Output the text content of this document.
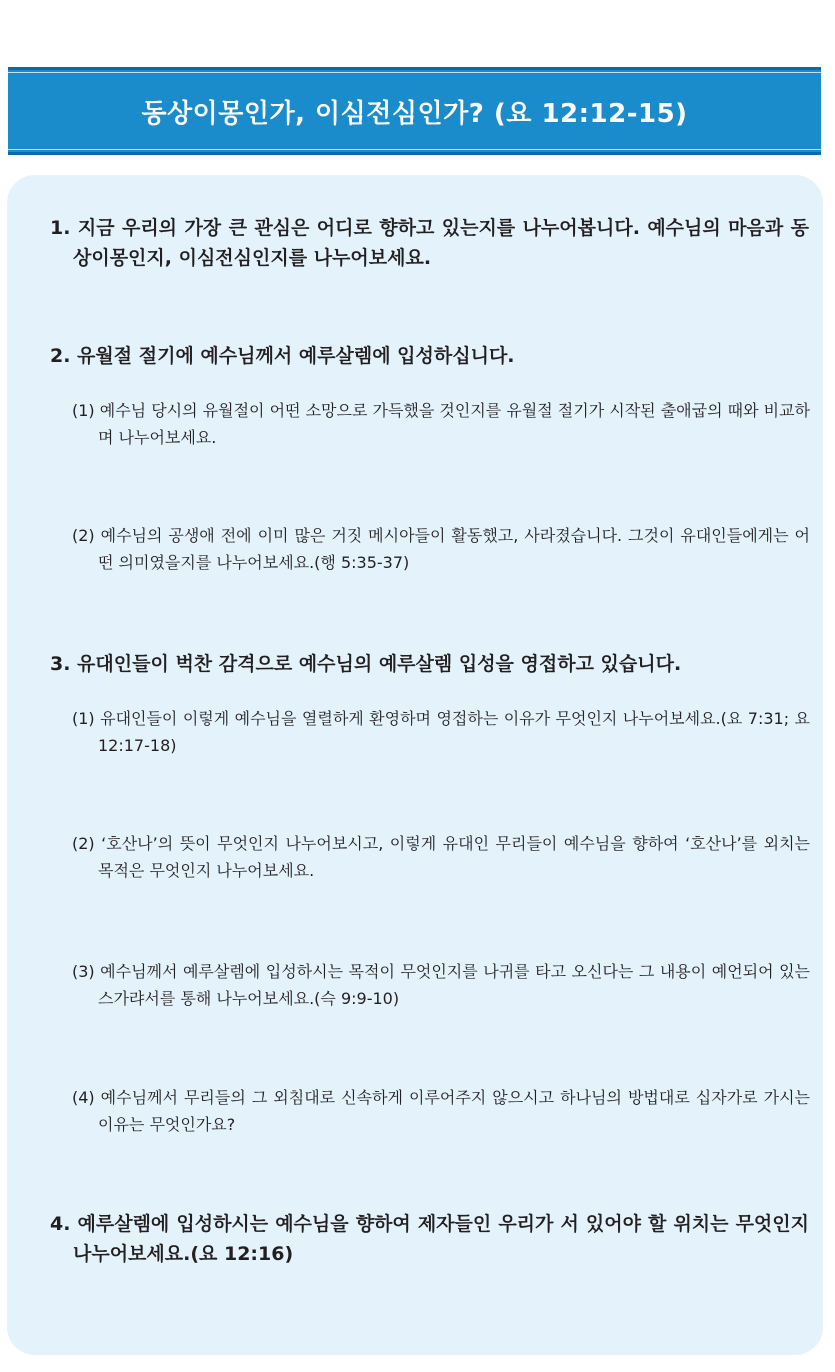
동상이몽인가, 이심전심인가? (요 12:12-15)
1. 지금 우리의 가장 큰 관심은 어디로 향하고 있는지를 나누어봅니다. 예수님의 마음과 동상이몽인지, 이심전심인지를 나누어보세요.
2. 유월절 절기에 예수님께서 예루살렘에 입성하십니다.
(1) 예수님 당시의 유월절이 어떤 소망으로 가득했을 것인지를 유월절 절기가 시작된 출애굽의 때와 비교하며 나누어보세요.
(2) 예수님의 공생애 전에 이미 많은 거짓 메시아들이 활동했고, 사라졌습니다. 그것이 유대인들에게는 어떤 의미였을지를 나누어보세요.(행 5:35-37)
3. 유대인들이 벅찬 감격으로 예수님의 예루살렘 입성을 영접하고 있습니다.
(1) 유대인들이 이렇게 예수님을 열렬하게 환영하며 영접하는 이유가 무엇인지 나누어보세요.(요 7:31; 요 12:17-18)
(2) ‘호산나’의 뜻이 무엇인지 나누어보시고, 이렇게 유대인 무리들이 예수님을 향하여 ‘호산나’를 외치는 목적은 무엇인지 나누어보세요.
(3) 예수님께서 예루살렘에 입성하시는 목적이 무엇인지를 나귀를 타고 오신다는 그 내용이 예언되어 있는 스가랴서를 통해 나누어보세요.(슥 9:9-10)
(4) 예수님께서 무리들의 그 외침대로 신속하게 이루어주지 않으시고 하나님의 방법대로 십자가로 가시는 이유는 무엇인가요?
4. 예루살렘에 입성하시는 예수님을 향하여 제자들인 우리가 서 있어야 할 위치는 무엇인지 나누어보세요.(요 12:16)
